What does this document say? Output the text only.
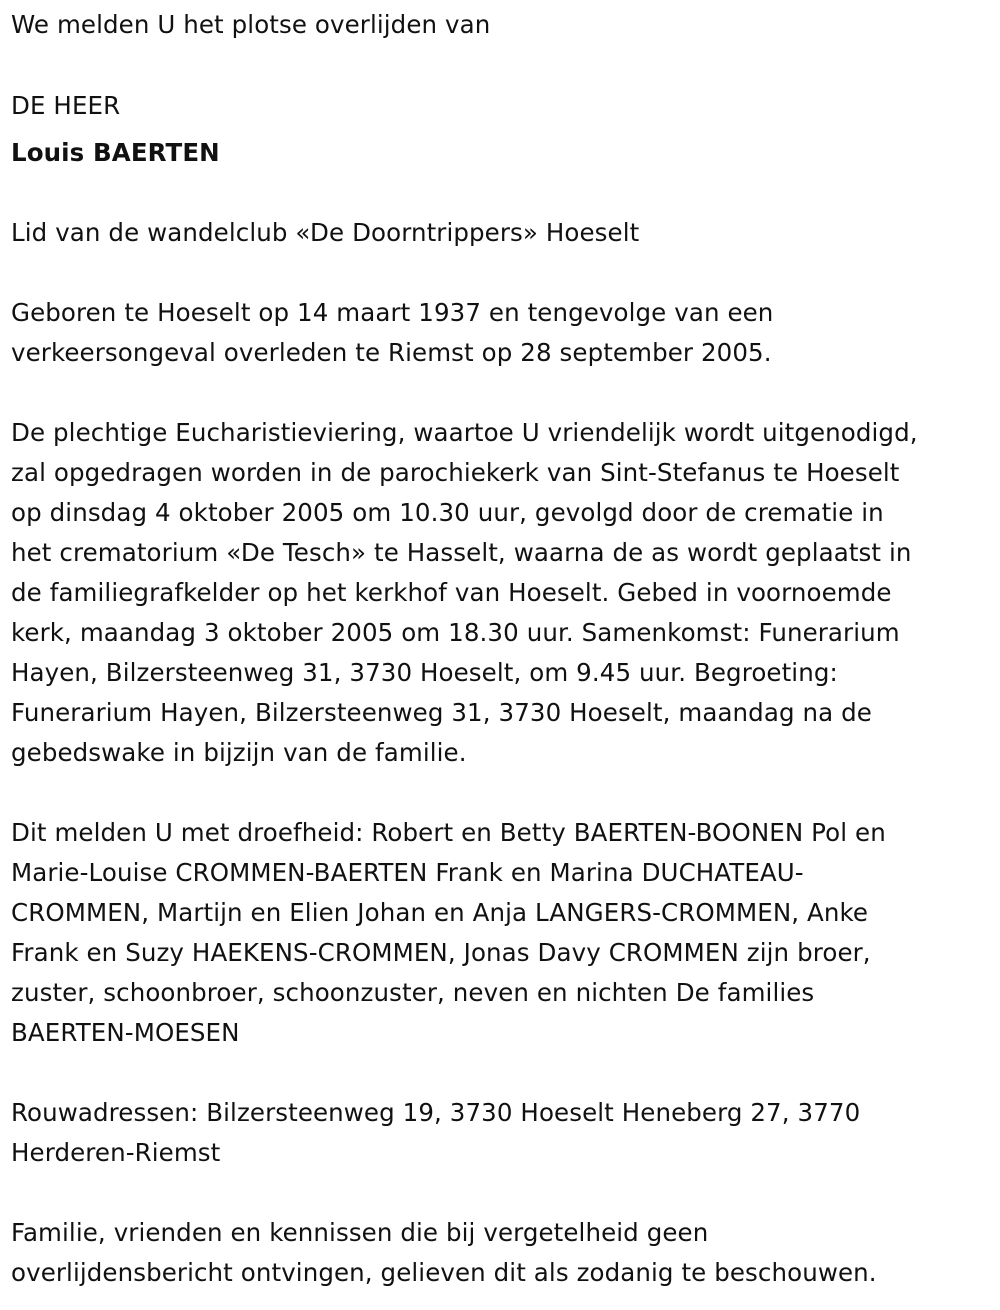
We melden U het plotse overlijden van
DE HEER
Louis BAERTEN
Lid van de wandelclub «De Doorntrippers» Hoeselt
Geboren te Hoeselt op 14 maart 1937 en tengevolge van een
verkeersongeval overleden te Riemst op 28 september 2005.
De plechtige Eucharistieviering, waartoe U vriendelijk wordt uitgenodigd,
zal opgedragen worden in de parochiekerk van Sint-Stefanus te Hoeselt
op dinsdag 4 oktober 2005 om 10.30 uur, gevolgd door de crematie in
het crematorium «De Tesch» te Hasselt, waarna de as wordt geplaatst in
de familiegrafkelder op het kerkhof van Hoeselt. Gebed in voornoemde
kerk, maandag 3 oktober 2005 om 18.30 uur. Samenkomst: Funerarium
Hayen, Bilzersteenweg 31, 3730 Hoeselt, om 9.45 uur. Begroeting:
Funerarium Hayen, Bilzersteenweg 31, 3730 Hoeselt, maandag na de
gebedswake in bijzijn van de familie.
Dit melden U met droefheid: Robert en Betty BAERTEN-BOONEN Pol en
Marie-Louise CROMMEN-BAERTEN Frank en Marina DUCHATEAU-
CROMMEN, Martijn en Elien Johan en Anja LANGERS-CROMMEN, Anke
Frank en Suzy HAEKENS-CROMMEN, Jonas Davy CROMMEN zijn broer,
zuster, schoonbroer, schoonzuster, neven en nichten De families
BAERTEN-MOESEN
Rouwadressen: Bilzersteenweg 19, 3730 Hoeselt Heneberg 27, 3770
Herderen-Riemst
Familie, vrienden en kennissen die bij vergetelheid geen
overlijdensbericht ontvingen, gelieven dit als zodanig te beschouwen.
